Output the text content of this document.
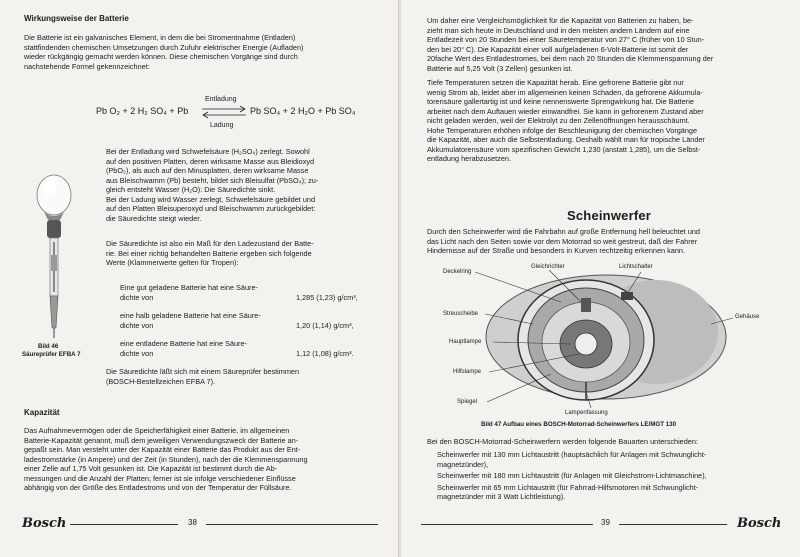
Wirkungsweise der Batterie
Die Batterie ist ein galvanisches Element, in dem die bei Stromentnahme (Entladen)
stattfindenden chemischen Umsetzungen durch Zufuhr elektrischer Energie (Aufladen)
wieder rückgängig gemacht werden können. Diese chemischen Vorgänge sind durch
nachstehende Formel gekennzeichnet:
Entladung
Pb O₂ + 2 H₂ SO₄ + Pb	Pb SO₄ + 2 H₂O + Pb SO₄
Ladung
Bei der Entladung wird Schwefelsäure (H₂SO₄) zerlegt. Sowohl
auf den positiven Platten, deren wirksame Masse aus Bleidioxyd
(PbO₂), als auch auf den Minusplatten, deren wirksame Masse
aus Bleischwamm (Pb) besteht, bildet sich Bleisulfat (PbSO₄); zu-
gleich entsteht Wasser (H₂O): Die Säuredichte sinkt.
Bei der Ladung wird Wasser zerlegt, Schwefelsäure gebildet und
auf den Platten Bleisuperoxyd und Bleischwamm zurückgebildet:
die Säuredichte steigt wieder.
Die Säuredichte ist also ein Maß für den Ladezustand der Batte-
rie. Bei einer richtig behandelten Batterie ergeben sich folgende
Werte (Klammerwerte gelten für Tropen):
Eine gut geladene Batterie hat eine Säure-
dichte von	1,285 (1,23) g/cm³,
eine halb geladene Batterie hat eine Säure-
dichte von	1,20 (1,14) g/cm³,
eine entladene Batterie hat eine Säure-
dichte von	1,12 (1,08) g/cm³.
Die Säuredichte läßt sich mit einem Säureprüfer bestimmen
(BOSCH-Bestellzeichen EFBA 7).
Bild 46
Säureprüfer EFBA 7
Kapazität
Das Aufnahmevermögen oder die Speicherfähigkeit einer Batterie, im allgemeinen
Batterie-Kapazität genannt, muß dem jeweiligen Verwendungszweck der Batterie an-
gepaßt sein. Man versteht unter der Kapazität einer Batterie das Produkt aus der Ent-
ladestromstärke (in Ampere) und der Zeit (in Stunden), nach der die Klemmenspannung
einer Zelle auf 1,75 Volt gesunken ist. Die Kapazität ist bestimmt durch die Ab-
messungen und die Anzahl der Platten; ferner ist sie infolge verschiedener Einflüsse
abhängig von der Größe des Entladestroms und von der Temperatur der Füllsäure.
Bosch	38
Um daher eine Vergleichsmöglichkeit für die Kapazität von Batterien zu haben, be-
zieht man sich heute in Deutschland und in den meisten andern Ländern auf eine
Entladezeit von 20 Stunden bei einer Säuretemperatur von 27° C (früher von 10 Stun-
den bei 20° C). Die Kapazität einer voll aufgeladenen 6-Volt-Batterie ist somit der
20fache Wert des Entladestromes, bei dem nach 20 Stunden die Klemmenspannung der
Batterie auf 5,25 Volt (3 Zellen) gesunken ist.
Tiefe Temperaturen setzen die Kapazität herab. Eine gefrorene Batterie gibt nur
wenig Strom ab, leidet aber im allgemeinen keinen Schaden, da gefrorene Akkumula-
torensäure gallertartig ist und keine nennenswerte Sprengwirkung hat. Die Batterie
arbeitet nach dem Auftauen wieder einwandfrei. Sie kann in gefrorenem Zustand aber
nicht geladen werden, weil der Elektrolyt zu den Zellenöffnungen herausschäumt.
Hohe Temperaturen erhöhen infolge der Beschleunigung der chemischen Vorgänge
die Kapazität, aber auch die Selbstentladung. Deshalb wählt man für tropische Länder
Akkumulatorensäure vom spezifischen Gewicht 1,230 (anstatt 1,285), um die Selbst-
entladung herabzusetzen.
Scheinwerfer
Durch den Scheinwerfer wird die Fahrbahn auf große Entfernung hell beleuchtet und
das Licht nach den Seiten sowie vor dem Motorrad so weit gestreut, daß der Fahrer
Hindernisse auf der Straße und besonders in Kurven rechtzeitig erkennen kann.
Deckelring
Gleichrichter	Lichtschalter
Streuscheibe	Gehäuse
Hauptlampe
Hilfslampe
Spiegel
Lampenfassung
Bild 47 Aufbau eines BOSCH-Motorrad-Scheinwerfers LE/MGT 130
Bei den BOSCH-Motorrad-Scheinwerfern werden folgende Bauarten unterschieden:
Scheinwerfer mit 130 mm Lichtaustritt (hauptsächlich für Anlagen mit Schwunglicht-
magnetzünder),
Scheinwerfer mit 180 mm Lichtaustritt (für Anlagen mit Gleichstrom-Lichtmaschine),
Scheinwerfer mit 65 mm Lichtaustritt (für Fahrrad-Hilfsmotoren mit Schwunglicht-
magnetzünder mit 3 Watt Lichtleistung).
39	Bosch
